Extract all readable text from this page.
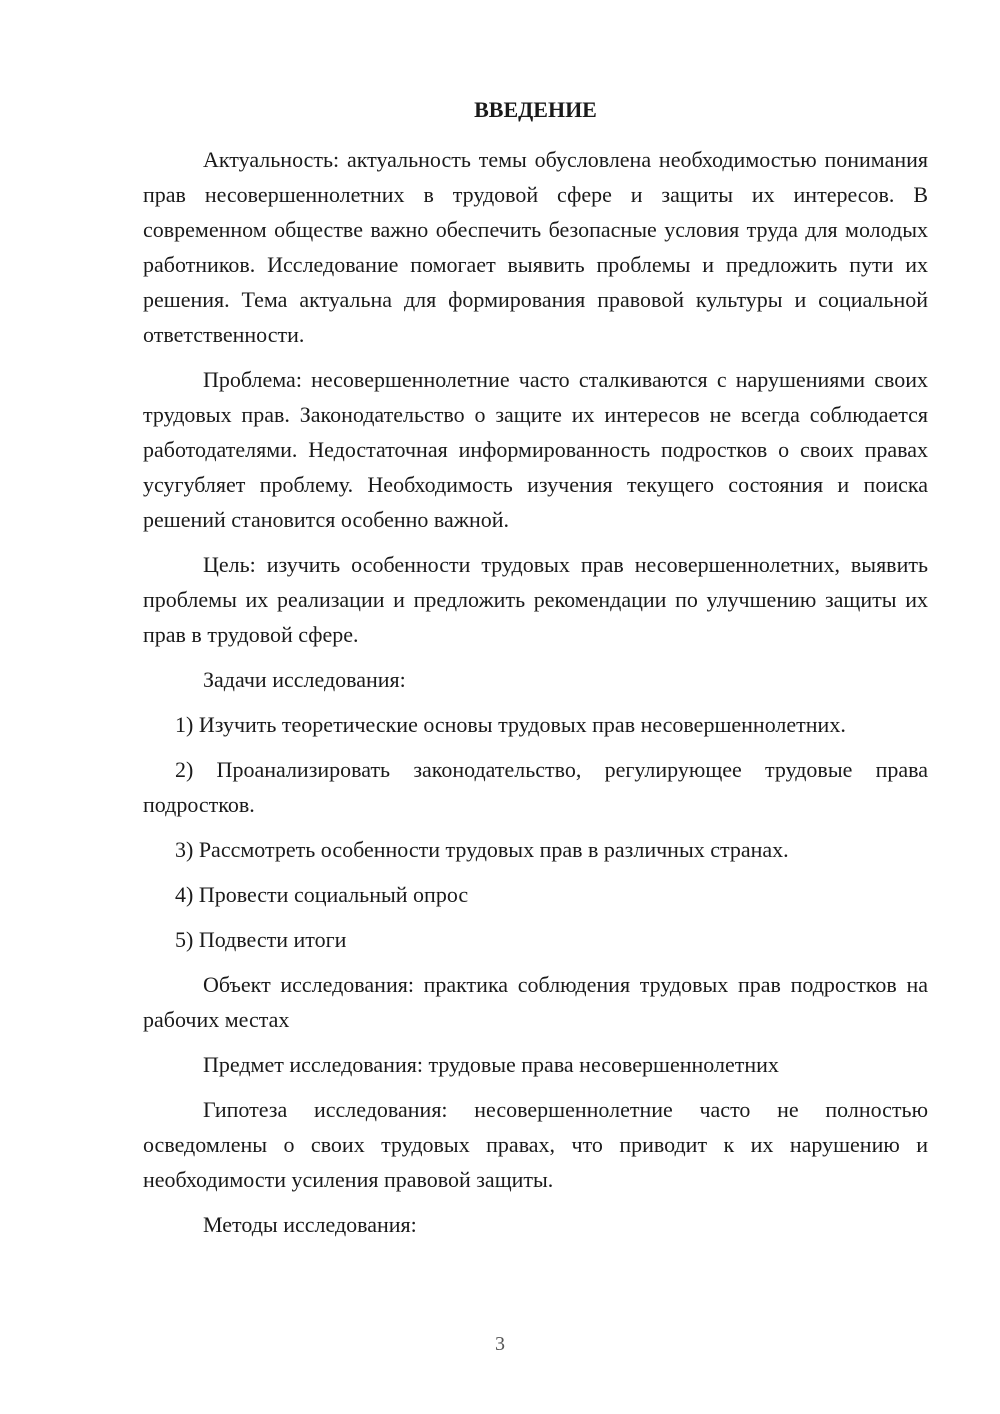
ВВЕДЕНИЕ

Актуальность: актуальность темы обусловлена необходимостью понимания прав несовершеннолетних в трудовой сфере и защиты их интересов. В современном обществе важно обеспечить безопасные условия труда для молодых работников. Исследование помогает выявить проблемы и предложить пути их решения. Тема актуальна для формирования правовой культуры и социальной ответственности.

Проблема: несовершеннолетние часто сталкиваются с нарушениями своих трудовых прав. Законодательство о защите их интересов не всегда соблюдается работодателями. Недостаточная информированность подростков о своих правах усугубляет проблему. Необходимость изучения текущего состояния и поиска решений становится особенно важной.

Цель: изучить особенности трудовых прав несовершеннолетних, выявить проблемы их реализации и предложить рекомендации по улучшению защиты их прав в трудовой сфере.

Задачи исследования:

1) Изучить теоретические основы трудовых прав несовершеннолетних.

2) Проанализировать законодательство, регулирующее трудовые права подростков.

3) Рассмотреть особенности трудовых прав в различных странах.

4) Провести социальный опрос

5) Подвести итоги

Объект исследования: практика соблюдения трудовых прав подростков на рабочих местах

Предмет исследования: трудовые права несовершеннолетних

Гипотеза исследования: несовершеннолетние часто не полностью осведомлены о своих трудовых правах, что приводит к их нарушению и необходимости усиления правовой защиты.

Методы исследования:

3
